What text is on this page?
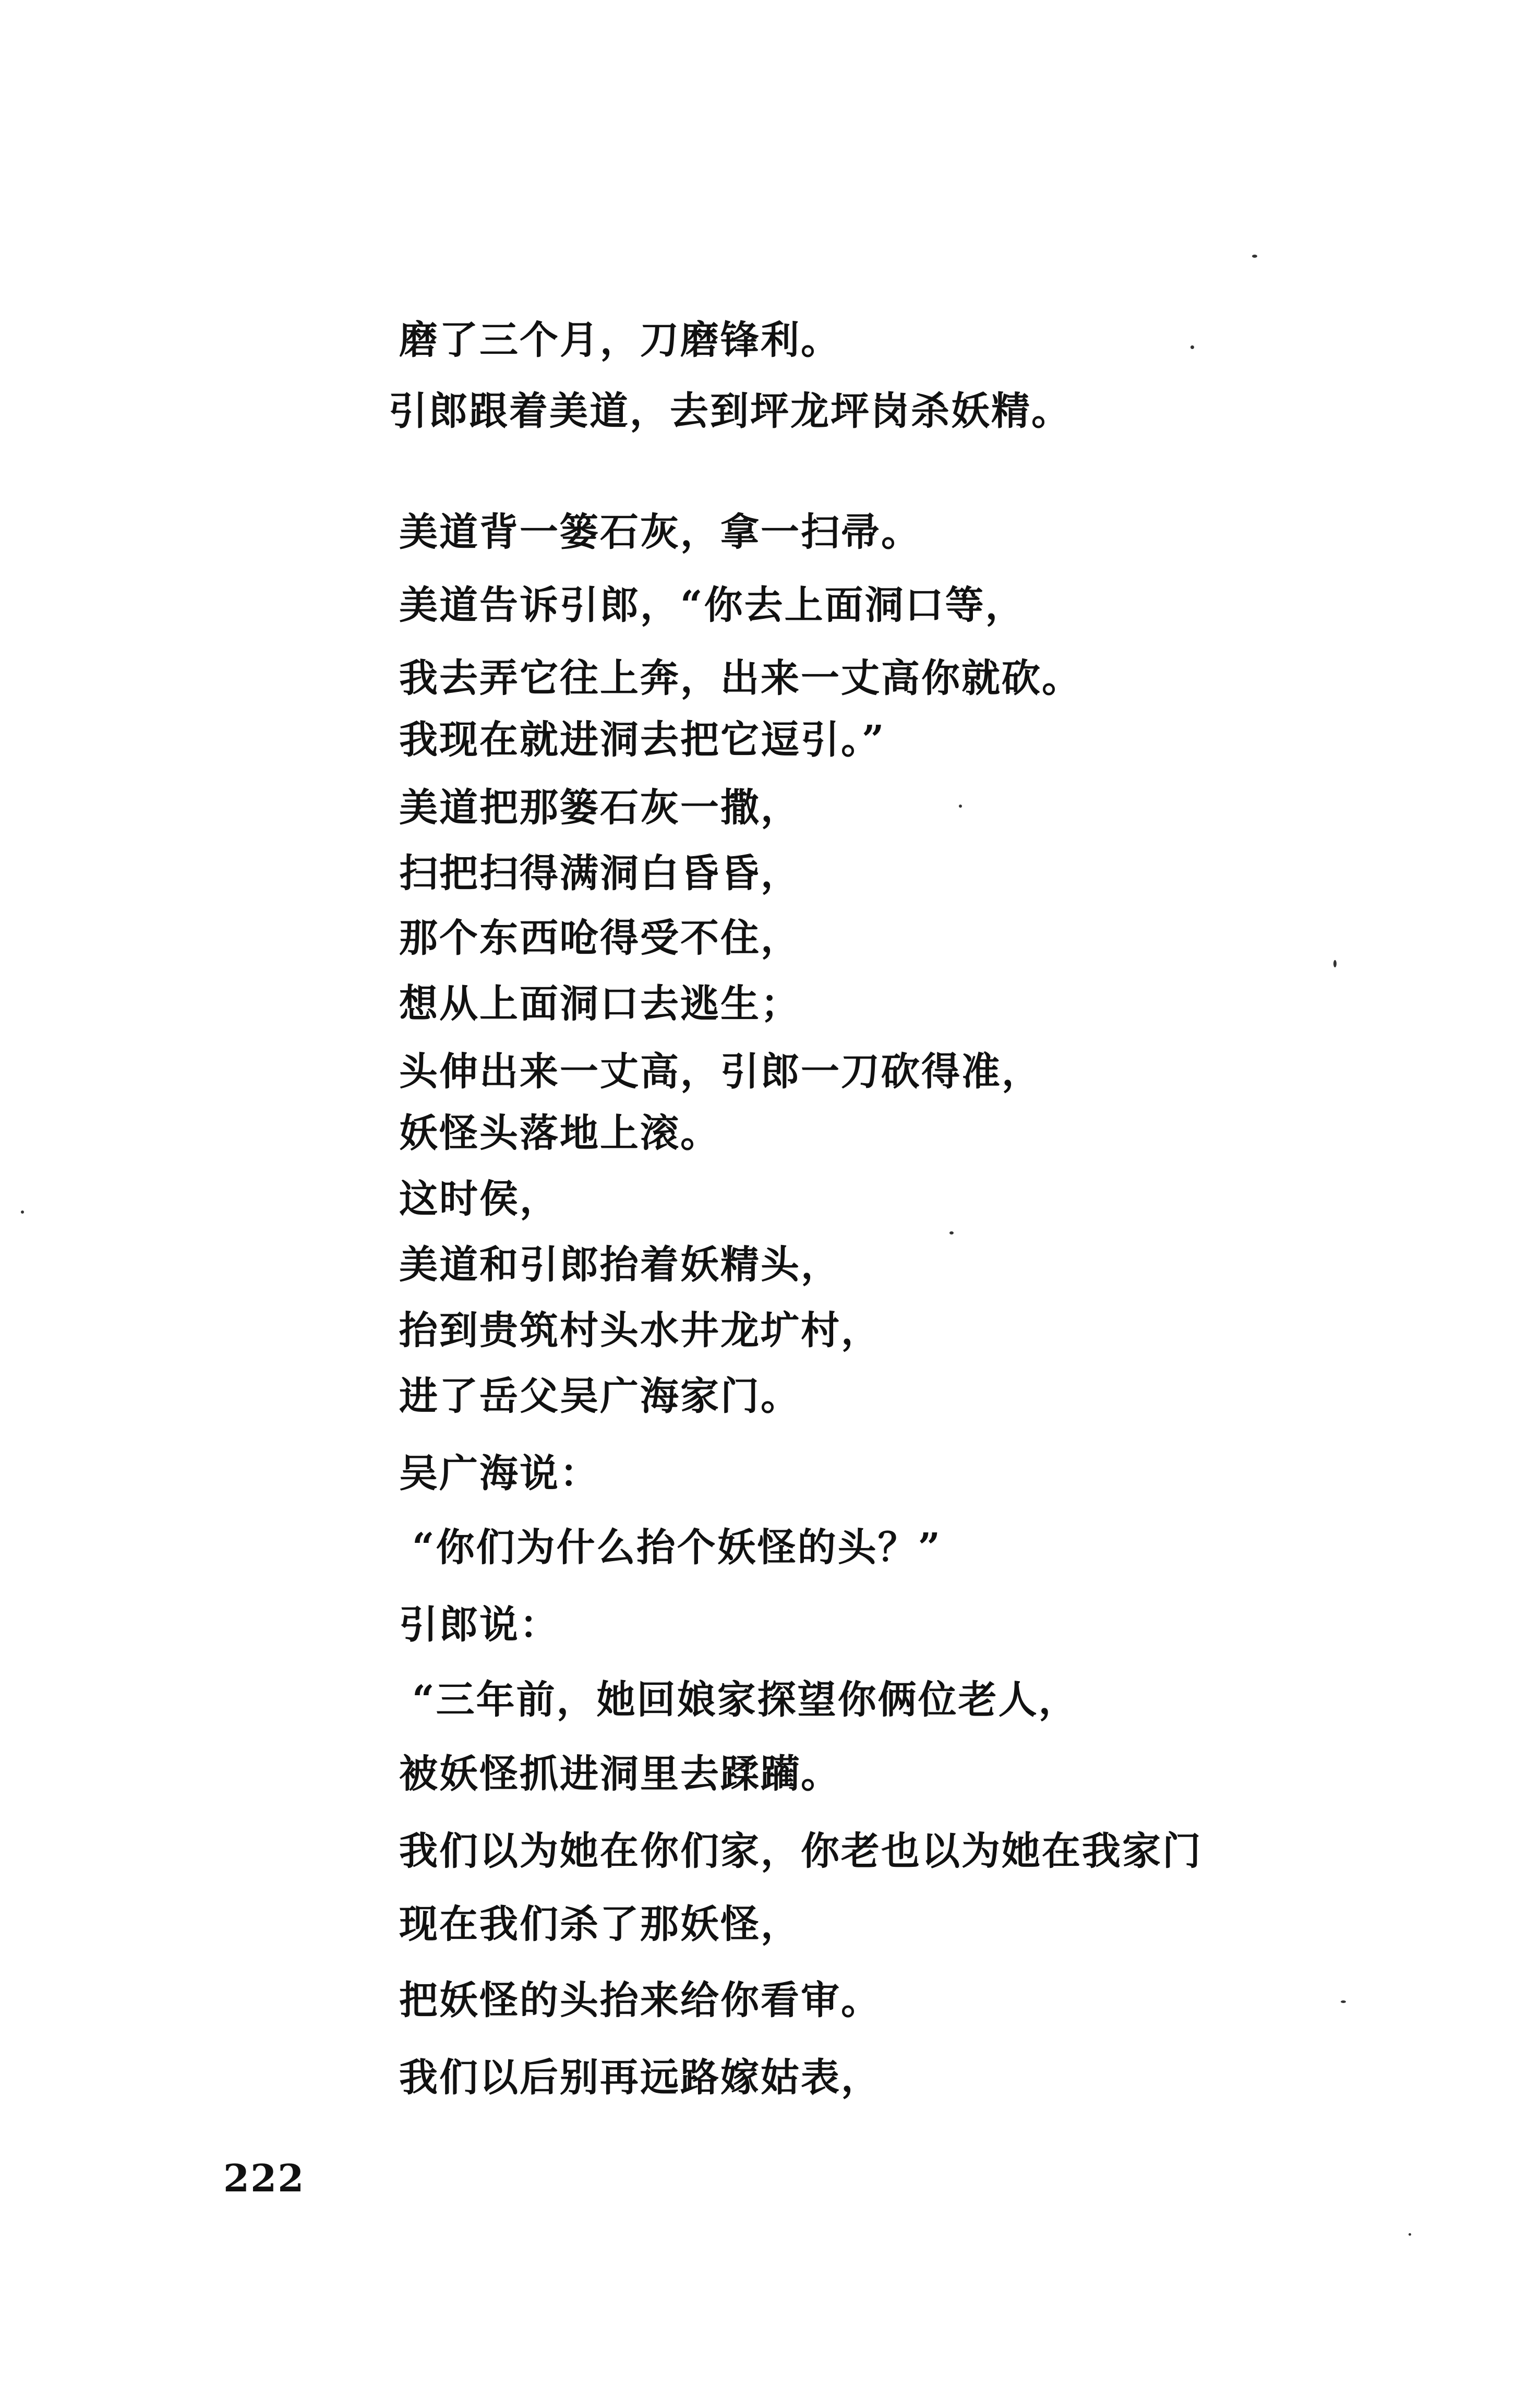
磨了三个月，刀磨锋利。
引郎跟着美道，去到坪龙坪岗杀妖精。
美道背一篓石灰，拿一扫帚。
美道告诉引郎，“你去上面洞口等，
我去弄它往上奔，出来一丈高你就砍。
我现在就进洞去把它逗引。”
美道把那篓石灰一撒，
扫把扫得满洞白昏昏，
那个东西呛得受不住，
想从上面洞口去逃生；
头伸出来一丈高，引郎一刀砍得准，
妖怪头落地上滚。
这时侯，
美道和引郎抬着妖精头，
抬到贵筑村头水井龙圹村，
进了岳父吴广海家门。
吴广海说：
“你们为什么抬个妖怪的头？”
引郎说：
“三年前，她回娘家探望你俩位老人，
被妖怪抓进洞里去蹂躏。
我们以为她在你们家，你老也以为她在我家门
现在我们杀了那妖怪，
把妖怪的头抬来给你看审。
我们以后别再远路嫁姑表，
222
